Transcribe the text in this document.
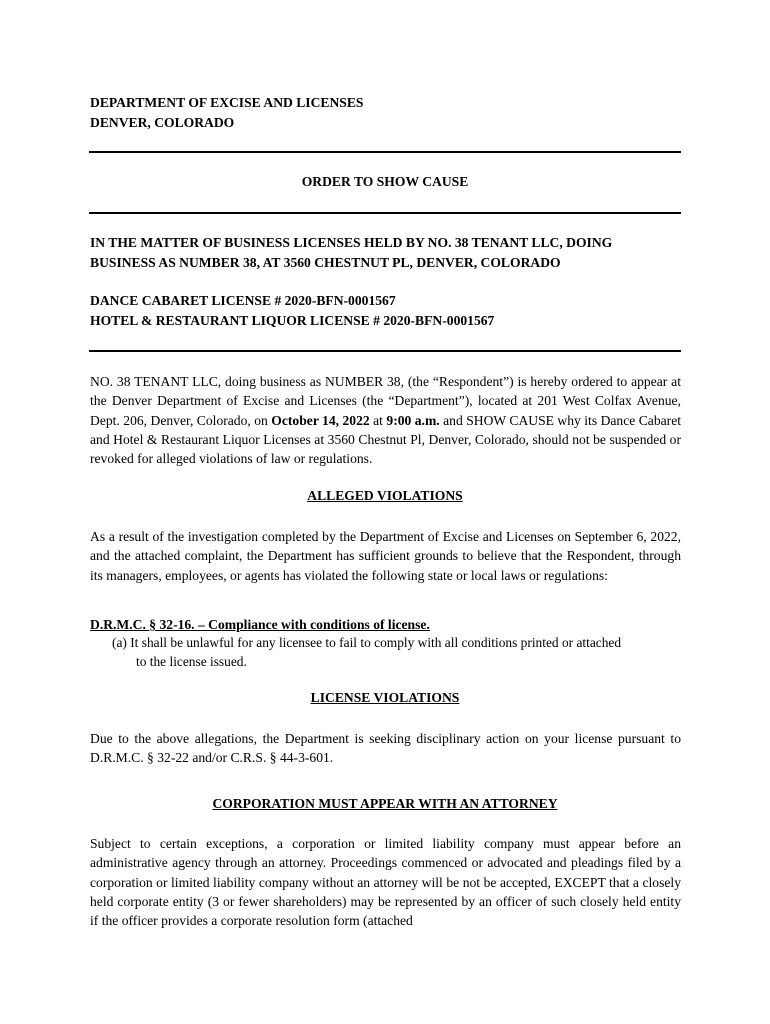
DEPARTMENT OF EXCISE AND LICENSES
DENVER, COLORADO
ORDER TO SHOW CAUSE
IN THE MATTER OF BUSINESS LICENSES HELD BY NO. 38 TENANT LLC, DOING
BUSINESS AS NUMBER 38, AT 3560 CHESTNUT PL, DENVER, COLORADO
DANCE CABARET LICENSE # 2020-BFN-0001567
HOTEL & RESTAURANT LIQUOR LICENSE # 2020-BFN-0001567
NO. 38 TENANT LLC, doing business as NUMBER 38, (the “Respondent”) is hereby ordered to appear at the Denver Department of Excise and Licenses (the “Department”), located at 201 West Colfax Avenue, Dept. 206, Denver, Colorado, on October 14, 2022 at 9:00 a.m. and SHOW CAUSE why its Dance Cabaret and Hotel & Restaurant Liquor Licenses at 3560 Chestnut Pl, Denver, Colorado, should not be suspended or revoked for alleged violations of law or regulations.
ALLEGED VIOLATIONS
As a result of the investigation completed by the Department of Excise and Licenses on September 6, 2022, and the attached complaint, the Department has sufficient grounds to believe that the Respondent, through its managers, employees, or agents has violated the following state or local laws or regulations:
D.R.M.C. § 32-16. – Compliance with conditions of license.
(a) It shall be unlawful for any licensee to fail to comply with all conditions printed or attached
to the license issued.
LICENSE VIOLATIONS
Due to the above allegations, the Department is seeking disciplinary action on your license pursuant to D.R.M.C. § 32-22 and/or C.R.S. § 44-3-601.
CORPORATION MUST APPEAR WITH AN ATTORNEY
Subject to certain exceptions, a corporation or limited liability company must appear before an administrative agency through an attorney. Proceedings commenced or advocated and pleadings filed by a corporation or limited liability company without an attorney will be not be accepted, EXCEPT that a closely held corporate entity (3 or fewer shareholders) may be represented by an officer of such closely held entity if the officer provides a corporate resolution form (attached
